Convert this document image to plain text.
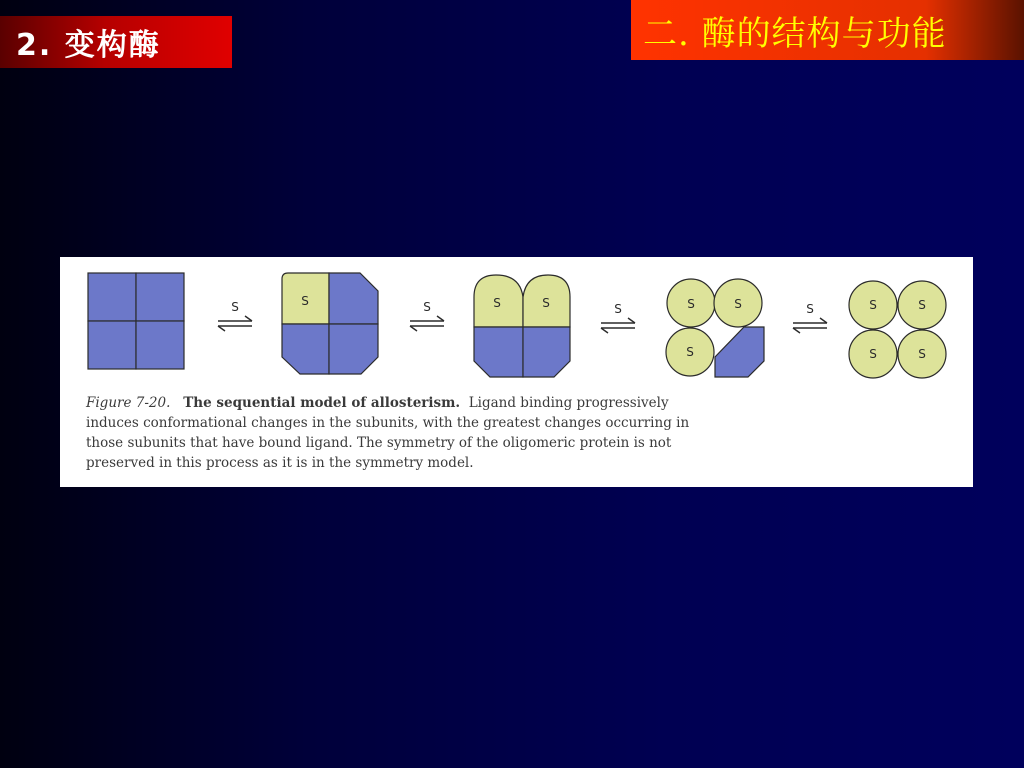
2. 变构酶	二. 酶的结构与功能
S	S	S	S	S	S	S	S
S
S	S	S
S	S
Figure 7-20. The sequential model of allosterism. Ligand binding progressively induces conformational changes in the subunits, with the greatest changes occurring in those subunits that have bound ligand. The symmetry of the oligomeric protein is not preserved in this process as it is in the symmetry model.
